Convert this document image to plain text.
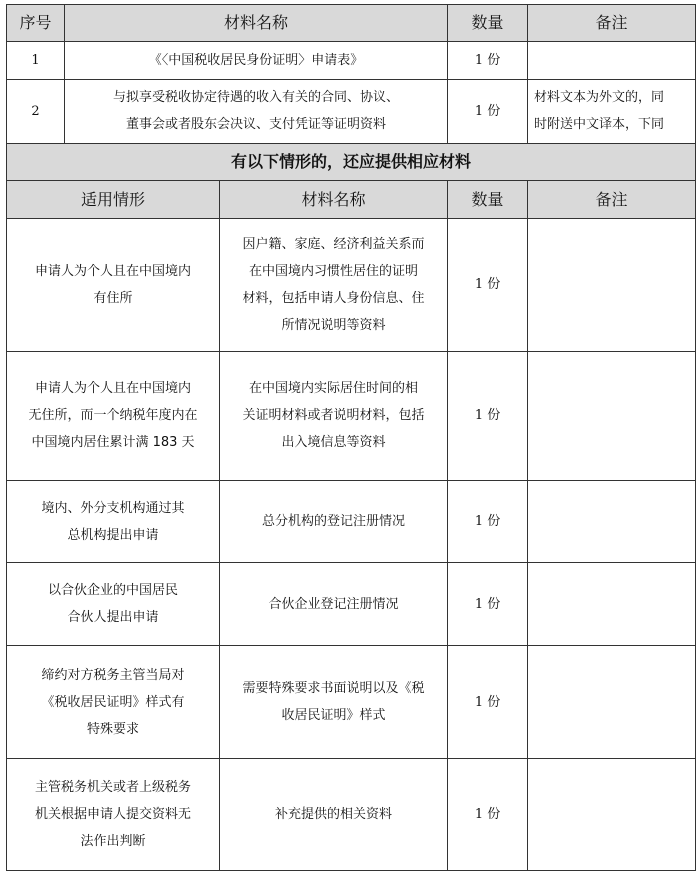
序号	材料名称		数量	备注
1	《〈中国税收居民身份证明〉申请表》		1 份	
2	与拟享受税收协定待遇的收入有关的合同、协议、
董事会或者股东会决议、支付凭证等证明资料		1 份	材料文本为外文的，同
时附送中文译本，下同

有以下情形的，还应提供相应材料				
适用情形		材料名称	数量	备注

申请人为个人且在中国境内
有住所		因户籍、家庭、经济利益关系而
在中国境内习惯性居住的证明
材料，包括申请人身份信息、住
所情况说明等资料	1 份	

申请人为个人且在中国境内
无住所，而一个纳税年度内在
中国境内居住累计满 183 天		在中国境内实际居住时间的相
关证明材料或者说明材料，包括
出入境信息等资料	1 份	

境内、外分支机构通过其
总机构提出申请		总分机构的登记注册情况	1 份	

以合伙企业的中国居民
合伙人提出申请		合伙企业登记注册情况	1 份	

缔约对方税务主管当局对
《税收居民证明》样式有
特殊要求		需要特殊要求书面说明以及《税
收居民证明》样式	1 份	

主管税务机关或者上级税务
机关根据申请人提交资料无
法作出判断		补充提供的相关资料	1 份	
